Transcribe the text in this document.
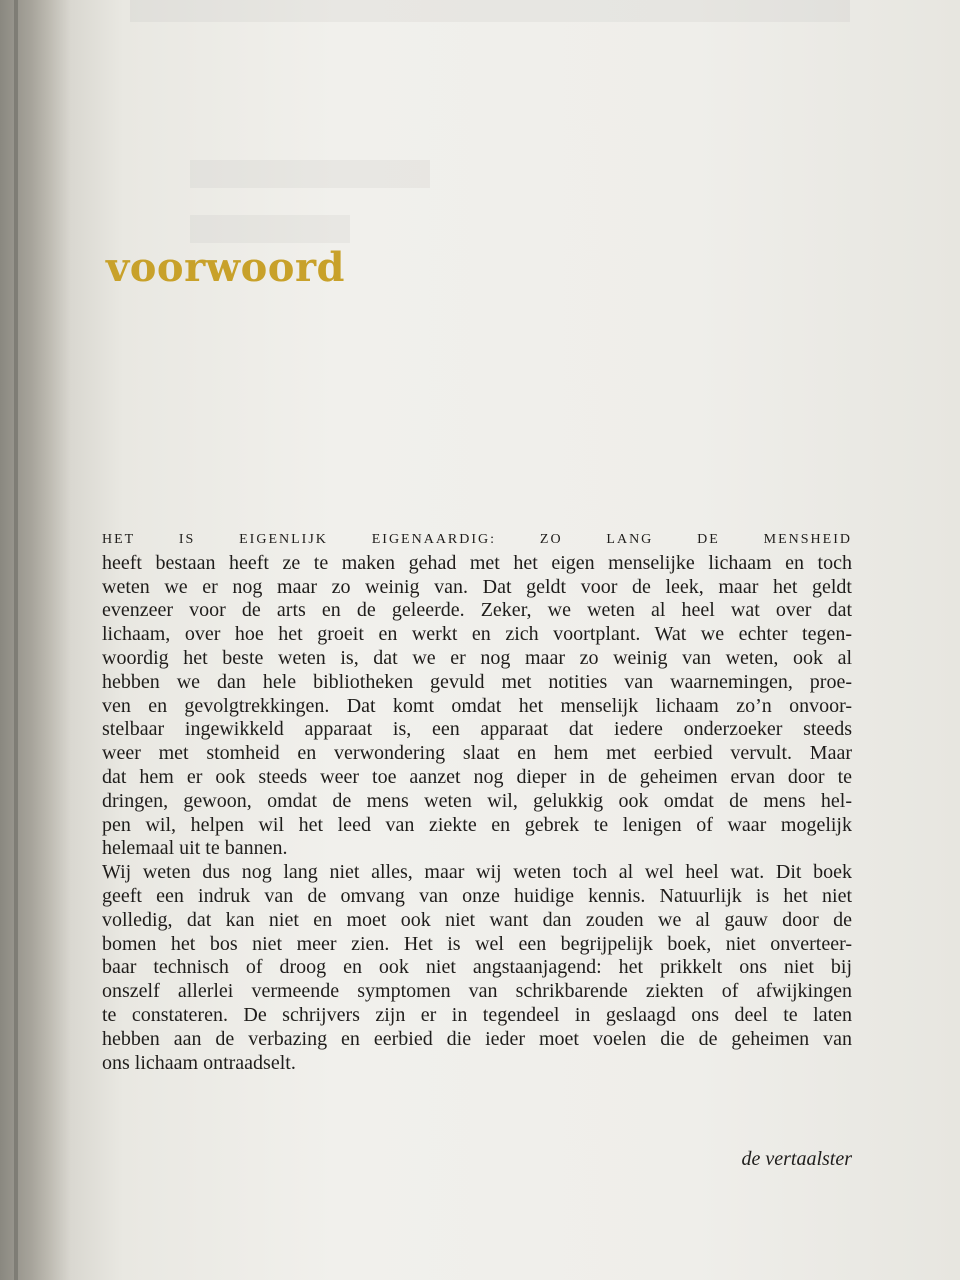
voorwoord
HET IS EIGENLIJK EIGENAARDIG: ZO LANG DE MENSHEID
heeft bestaan heeft ze te maken gehad met het eigen menselijke lichaam en toch
weten we er nog maar zo weinig van. Dat geldt voor de leek, maar het geldt
evenzeer voor de arts en de geleerde. Zeker, we weten al heel wat over dat
lichaam, over hoe het groeit en werkt en zich voortplant. Wat we echter tegen-
woordig het beste weten is, dat we er nog maar zo weinig van weten, ook al
hebben we dan hele bibliotheken gevuld met notities van waarnemingen, proe-
ven en gevolgtrekkingen. Dat komt omdat het menselijk lichaam zo’n onvoor-
stelbaar ingewikkeld apparaat is, een apparaat dat iedere onderzoeker steeds
weer met stomheid en verwondering slaat en hem met eerbied vervult. Maar
dat hem er ook steeds weer toe aanzet nog dieper in de geheimen ervan door te
dringen, gewoon, omdat de mens weten wil, gelukkig ook omdat de mens hel-
pen wil, helpen wil het leed van ziekte en gebrek te lenigen of waar mogelijk
helemaal uit te bannen.
Wij weten dus nog lang niet alles, maar wij weten toch al wel heel wat. Dit boek
geeft een indruk van de omvang van onze huidige kennis. Natuurlijk is het niet
volledig, dat kan niet en moet ook niet want dan zouden we al gauw door de
bomen het bos niet meer zien. Het is wel een begrijpelijk boek, niet onverteer-
baar technisch of droog en ook niet angstaanjagend: het prikkelt ons niet bij
onszelf allerlei vermeende symptomen van schrikbarende ziekten of afwijkingen
te constateren. De schrijvers zijn er in tegendeel in geslaagd ons deel te laten
hebben aan de verbazing en eerbied die ieder moet voelen die de geheimen van
ons lichaam ontraadselt.
de vertaalster
